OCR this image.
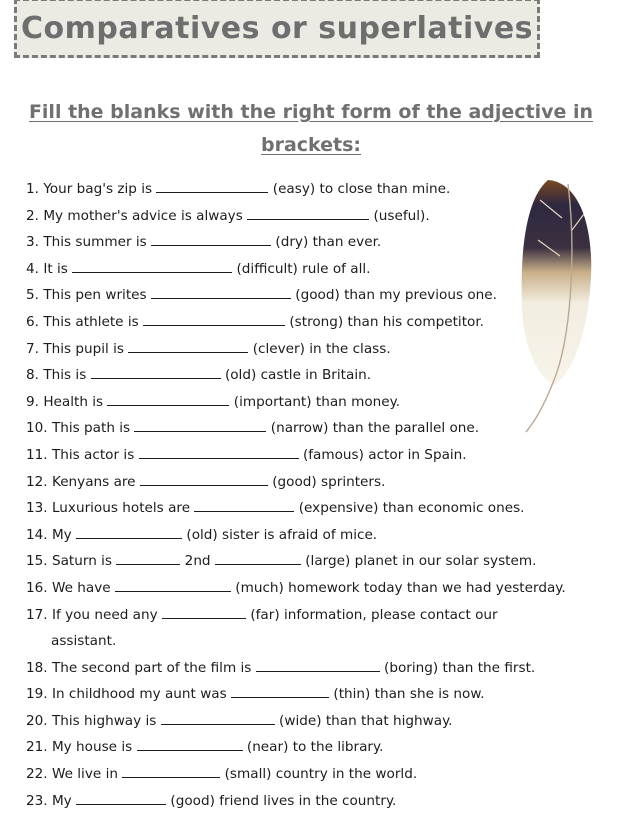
Comparatives or superlatives
Fill the blanks with the right form of the adjective in brackets:
1. Your bag's zip is	(easy) to close than mine.
2. My mother's advice is always	(useful).
3. This summer is	(dry) than ever.
4. It is	(difficult) rule of all.
5. This pen writes	(good) than my previous one.
6. This athlete is	(strong) than his competitor.
7. This pupil is	(clever) in the class.
8. This is	(old) castle in Britain.
9. Health is	(important) than money.
10. This path is	(narrow) than the parallel one.
11. This actor is	(famous) actor in Spain.
12. Kenyans are	(good) sprinters.
13. Luxurious hotels are	(expensive) than economic ones.
14. My	(old) sister is afraid of mice.
15. Saturn is	2nd	(large) planet in our solar system.
16. We have	(much) homework today than we had yesterday.
17. If you need any	(far) information, please contact our
assistant.
18. The second part of the film is	(boring) than the first.
19. In childhood my aunt was	(thin) than she is now.
20. This highway is	(wide) than that highway.
21. My house is	(near) to the library.
22. We live in	(small) country in the world.
23. My	(good) friend lives in the country.
